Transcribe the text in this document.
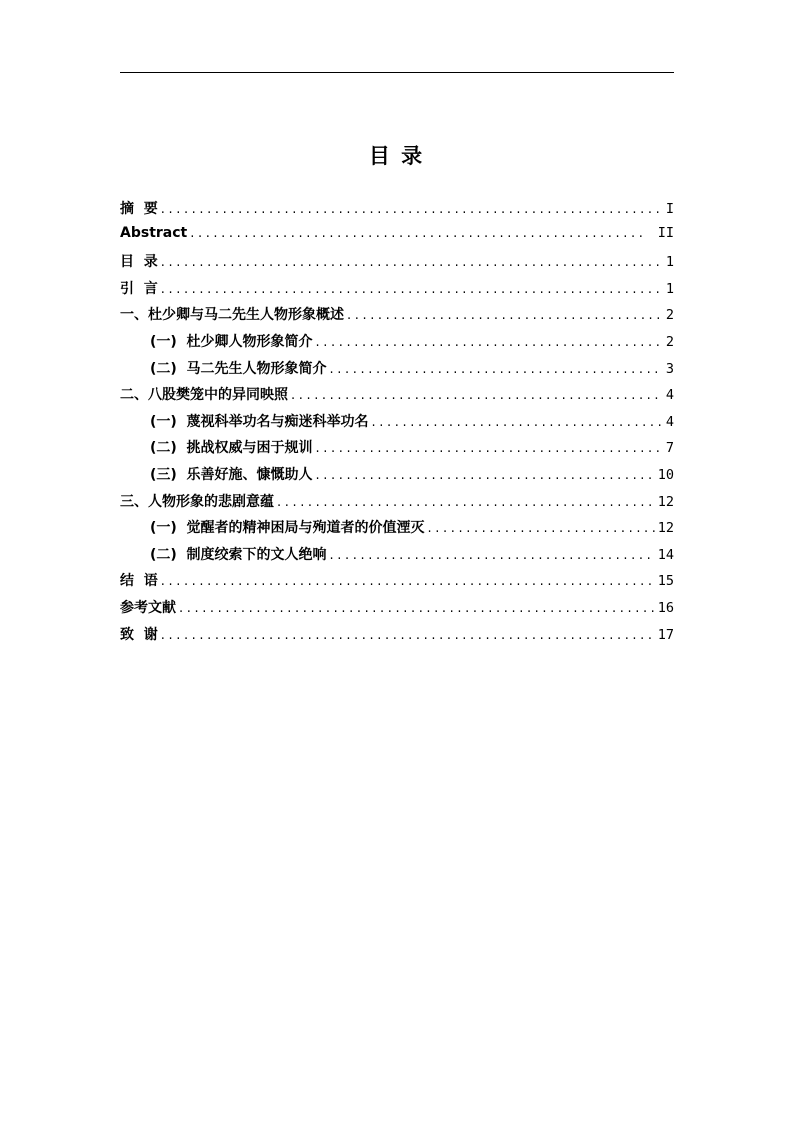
目 录
摘  要 .....	I
Abstract .....	II
目  录 .....	1
引  言 .....	1
一、杜少卿与马二先生人物形象概述 .....	2
(一)  杜少卿人物形象简介 .....	2
(二)  马二先生人物形象简介 .....	3
二、八股樊笼中的异同映照 .....	4
(一)  蔑视科举功名与痴迷科举功名 .....	4
(二)  挑战权威与困于规训 .....	7
(三)  乐善好施、慷慨助人 .....	10
三、人物形象的悲剧意蕴 .....	12
(一)  觉醒者的精神困局与殉道者的价值湮灭 .....	12
(二)  制度绞索下的文人绝响 .....	14
结  语 .....	15
参考文献 .....	16
致  谢 .....	17
